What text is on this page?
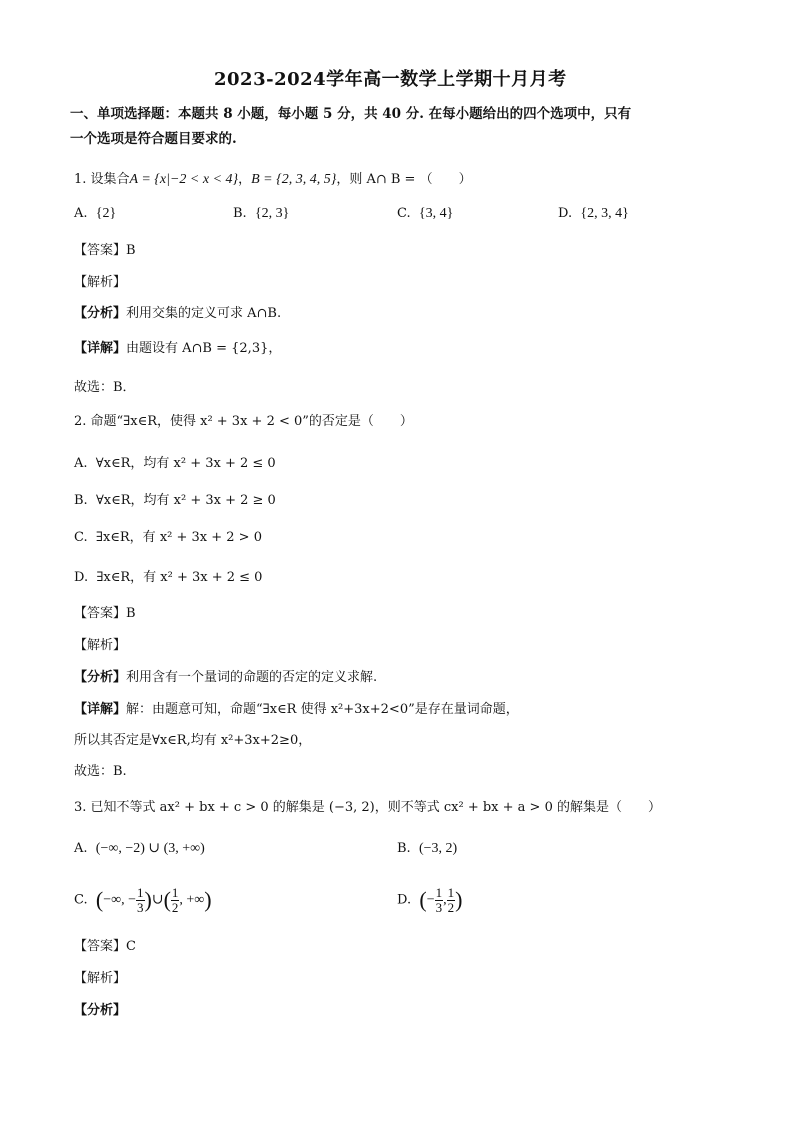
2023-2024学年高一数学上学期十月月考
一、单项选择题：本题共 8 小题，每小题 5 分，共 40 分. 在每小题给出的四个选项中，只有
一个选项是符合题目要求的.
1. 设集合A = {x|−2 < x < 4}，B = {2, 3, 4, 5}，则 A∩ B = （　　）
A. {2}	B. {2, 3}	C. {3, 4}	D. {2, 3, 4}
【答案】B
【解析】
【分析】利用交集的定义可求 A∩B.
【详解】由题设有 A∩B = {2,3}，
故选：B．
2. 命题“∃x∈R，使得 x² + 3x + 2 < 0”的否定是（　　）
A. ∀x∈R，均有 x² + 3x + 2 ≤ 0
B. ∀x∈R，均有 x² + 3x + 2 ≥ 0
C. ∃x∈R，有 x² + 3x + 2 > 0
D. ∃x∈R，有 x² + 3x + 2 ≤ 0
【答案】B
【解析】
【分析】利用含有一个量词的命题的否定的定义求解.
【详解】解：由题意可知，命题“∃x∈R 使得 x²+3x+2<0”是存在量词命题，
所以其否定是∀x∈R,均有 x²+3x+2≥0，
故选：B.
3. 已知不等式 ax² + bx + c > 0 的解集是 (−3, 2)，则不等式 cx² + bx + a > 0 的解集是（　　）
A. (−∞, −2) ∪ (3, +∞)	B. (−3, 2)
C. (−∞, − $\frac{1}{3}$ )∪( $\frac{1}{2}$ , +∞)	D. (− $\frac{1}{3}$ , $\frac{1}{2}$ )
【答案】C
【解析】
【分析】
